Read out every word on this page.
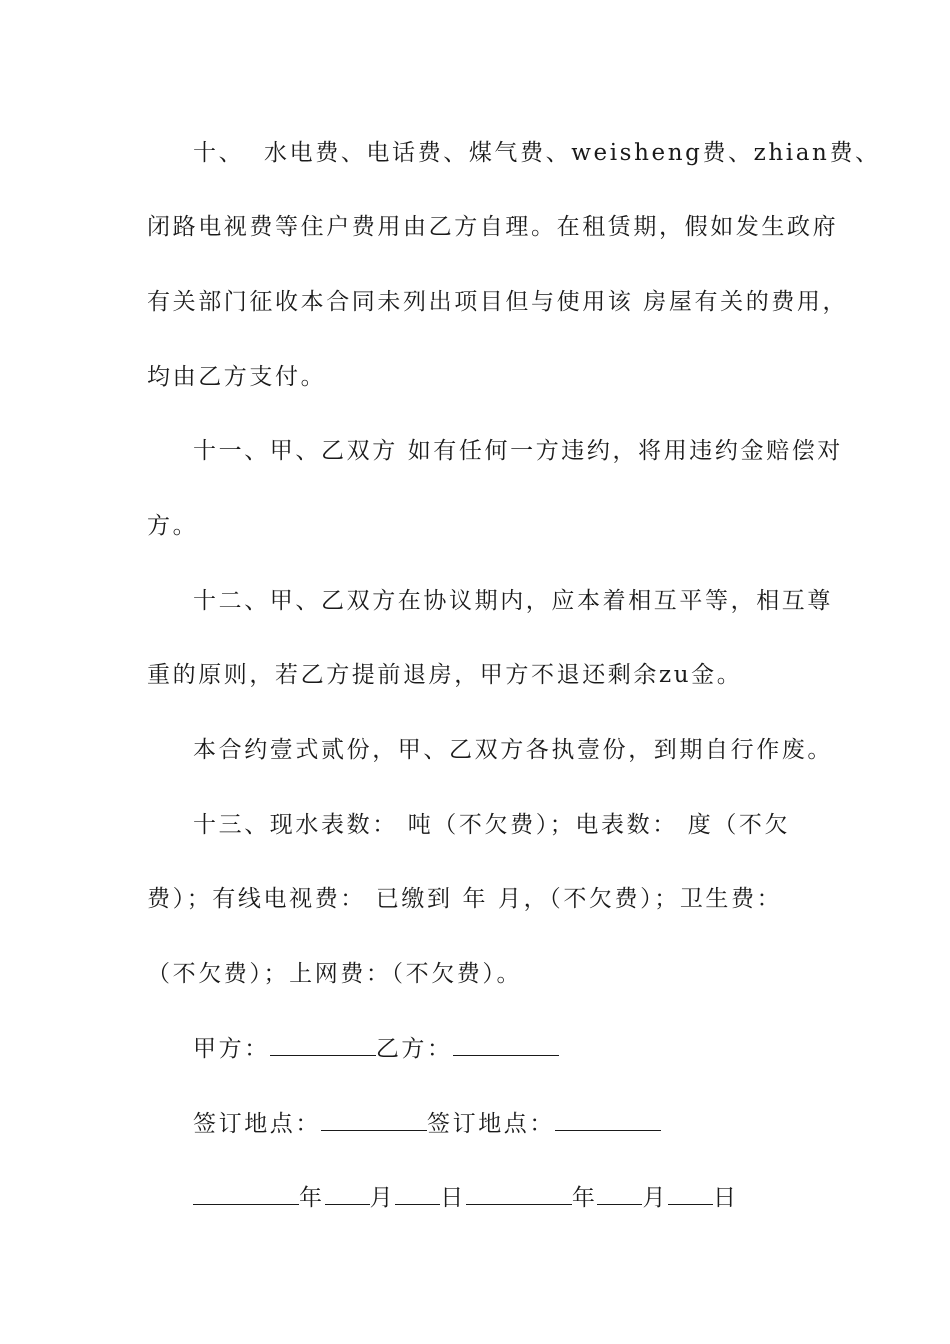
十、  水电费、电话费、煤气费、weisheng费、zhian费、
闭路电视费等住户费用由乙方自理。在租赁期，假如发生政府
有关部门征收本合同未列出项目但与使用该 房屋有关的费用，
均由乙方支付。
十一、甲、乙双方 如有任何一方违约，将用违约金赔偿对
方。
十二、甲、乙双方在协议期内，应本着相互平等，相互尊
重的原则，若乙方提前退房，甲方不退还剩余zu金。
本合约壹式贰份，甲、乙双方各执壹份，到期自行作废。
十三、现水表数： 吨（不欠费）；电表数： 度（不欠
费）；有线电视费： 已缴到 年 月，（不欠费）；卫生费：
（不欠费）；上网费：（不欠费）。
甲方：	乙方：
签订地点：	签订地点：
年 月 日	年 月 日
